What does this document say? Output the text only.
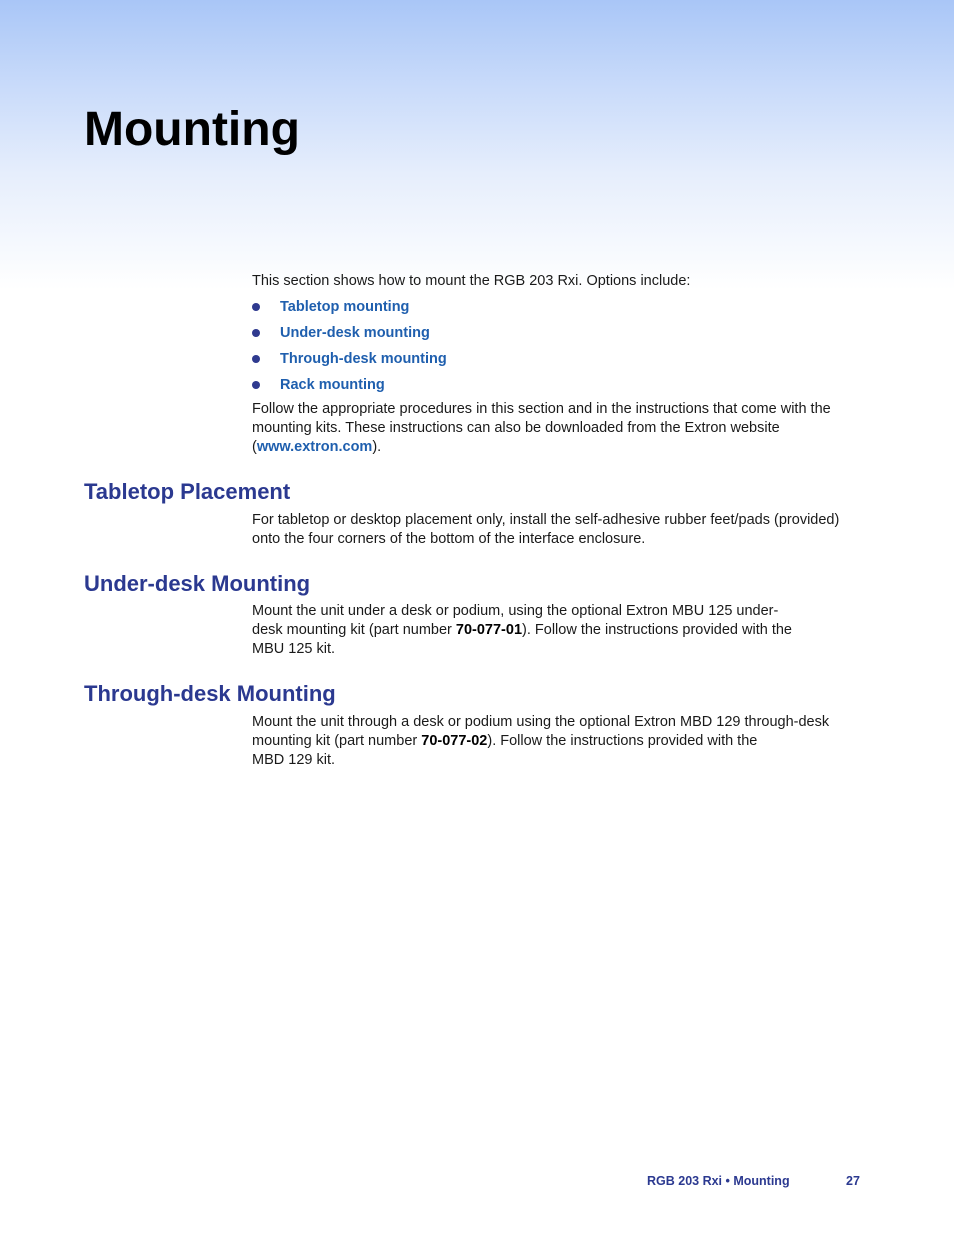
Mounting

This section shows how to mount the RGB 203 Rxi. Options include:

Tabletop mounting
Under-desk mounting
Through-desk mounting
Rack mounting
Follow the appropriate procedures in this section and in the instructions that come with the
mounting kits. These instructions can also be downloaded from the Extron website
(www.extron.com).
Tabletop Placement
For tabletop or desktop placement only, install the self-adhesive rubber feet/pads (provided)
onto the four corners of the bottom of the interface enclosure.
Under-desk Mounting
Mount the unit under a desk or podium, using the optional Extron MBU 125 under-
desk mounting kit (part number 70-077-01). Follow the instructions provided with the
MBU 125 kit.
Through-desk Mounting
Mount the unit through a desk or podium using the optional Extron MBD 129 through-desk
mounting kit (part number 70-077-02). Follow the instructions provided with the
MBD 129 kit.
RGB 203 Rxi • Mounting	27
